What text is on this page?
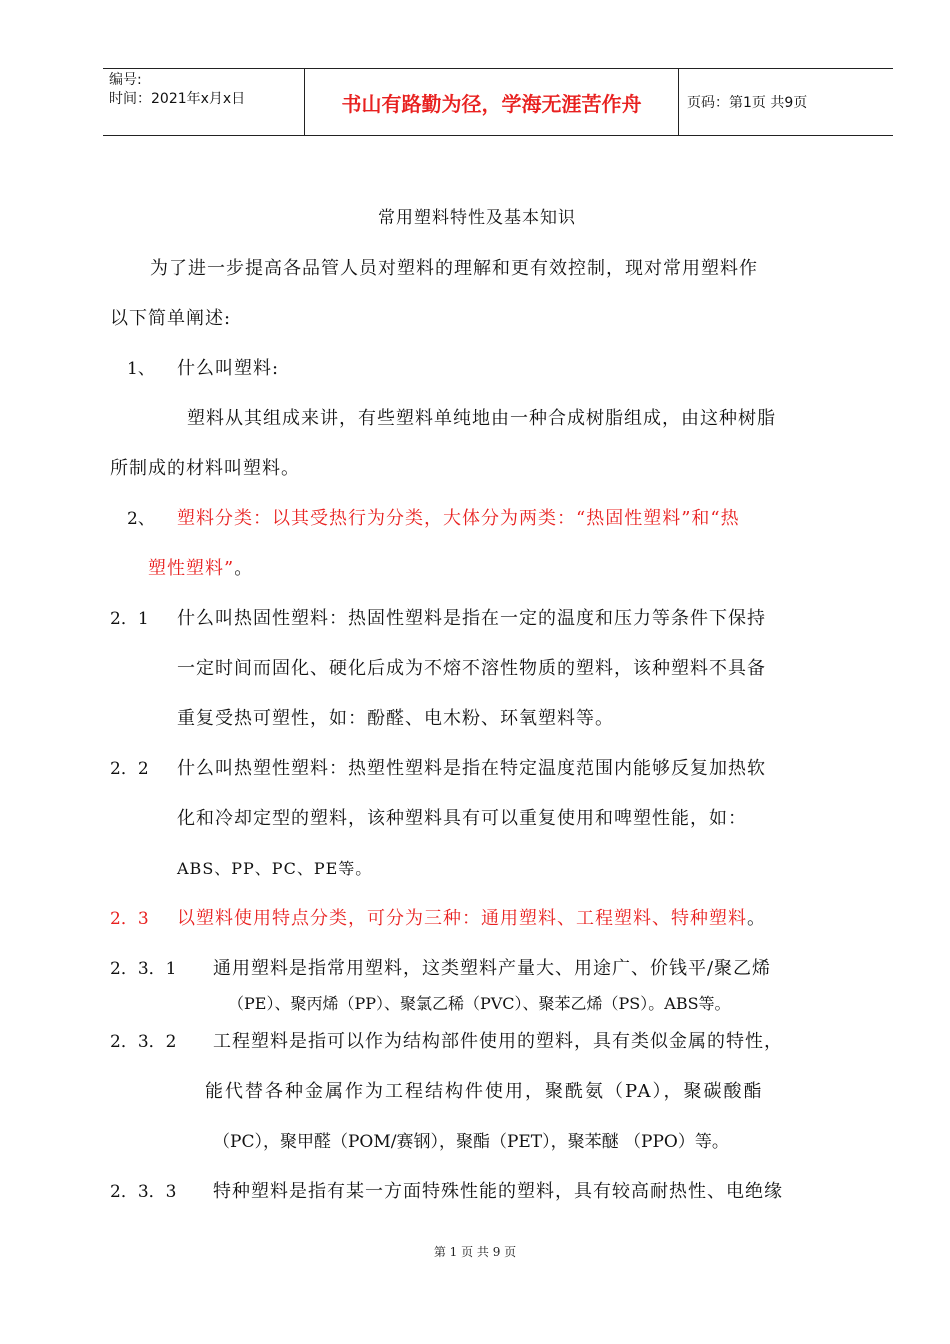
编号:
时间：2021年x月x日	书山有路勤为径，学海无涯苦作舟	页码：第1页 共9页
常用塑料特性及基本知识
为了进一步提高各品管人员对塑料的理解和更有效控制，现对常用塑料作
以下简单阐述:
1、 什么叫塑料:
塑料从其组成来讲，有些塑料单纯地由一种合成树脂组成，由这种树脂
所制成的材料叫塑料。
2、 塑料分类：以其受热行为分类，大体分为两类：“热固性塑料”和“热
塑性塑料”。
2．1 什么叫热固性塑料：热固性塑料是指在一定的温度和压力等条件下保持
一定时间而固化、硬化后成为不熔不溶性物质的塑料，该种塑料不具备
重复受热可塑性，如：酚醛、电木粉、环氧塑料等。
2．2 什么叫热塑性塑料：热塑性塑料是指在特定温度范围内能够反复加热软
化和冷却定型的塑料，该种塑料具有可以重复使用和啤塑性能，如：
ABS、PP、PC、PE等。
2．3 以塑料使用特点分类，可分为三种：通用塑料、工程塑料、特种塑料。
2．3．1 通用塑料是指常用塑料，这类塑料产量大、用途广、价钱平/聚乙烯
（PE）、聚丙烯（PP）、聚氯乙稀（PVC）、聚苯乙烯（PS）。ABS等。
2．3．2 工程塑料是指可以作为结构部件使用的塑料，具有类似金属的特性，
能代替各种金属作为工程结构件使用，聚酰氨（PA），聚碳酸酯
（PC），聚甲醛（POM/赛钢），聚酯（PET），聚苯醚 （PPO）等。
2．3．3 特种塑料是指有某一方面特殊性能的塑料，具有较高耐热性、电绝缘
第 1 页 共 9 页
